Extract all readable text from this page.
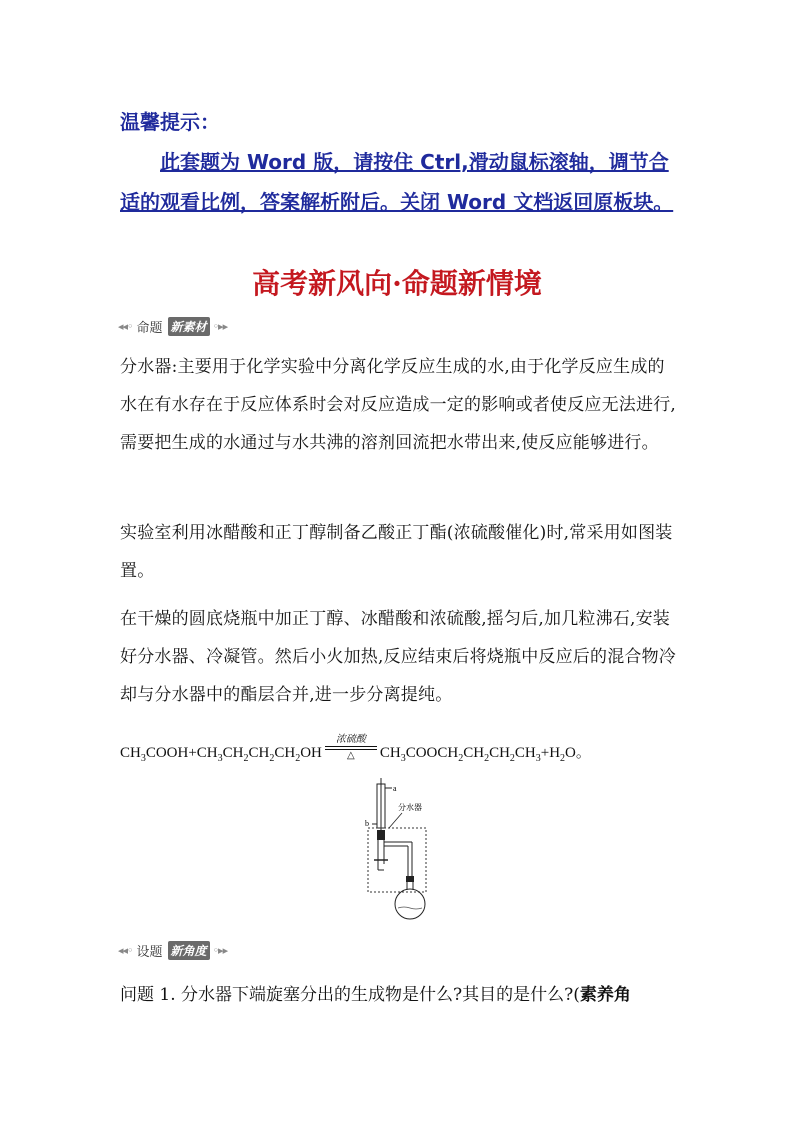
温馨提示：
此套题为 Word 版，请按住 Ctrl,滑动鼠标滚轴，调节合适的观看比例，答案解析附后。关闭 Word 文档返回原板块。
高考新风向·命题新情境
◂◂◦ 命题 新素材 ◦▸▸
分水器:主要用于化学实验中分离化学反应生成的水,由于化学反应生成的水在有水存在于反应体系时会对反应造成一定的影响或者使反应无法进行,需要把生成的水通过与水共沸的溶剂回流把水带出来,使反应能够进行。
实验室利用冰醋酸和正丁醇制备乙酸正丁酯(浓硫酸催化)时,常采用如图装置。
在干燥的圆底烧瓶中加正丁醇、冰醋酸和浓硫酸,摇匀后,加几粒沸石,安装好分水器、冷凝管。然后小火加热,反应结束后将烧瓶中反应后的混合物冷却与分水器中的酯层合并,进一步分离提纯。
$CH_3COOH+CH_3CH_2CH_2CH_2OH$
浓硫酸
△ $CH_3COOCH_2CH_2CH_2CH_3+H_2O$。
a
b
分水器
◂◂◦ 设题 新角度 ◦▸▸
问题 1. 分水器下端旋塞分出的生成物是什么?其目的是什么?(素养角
